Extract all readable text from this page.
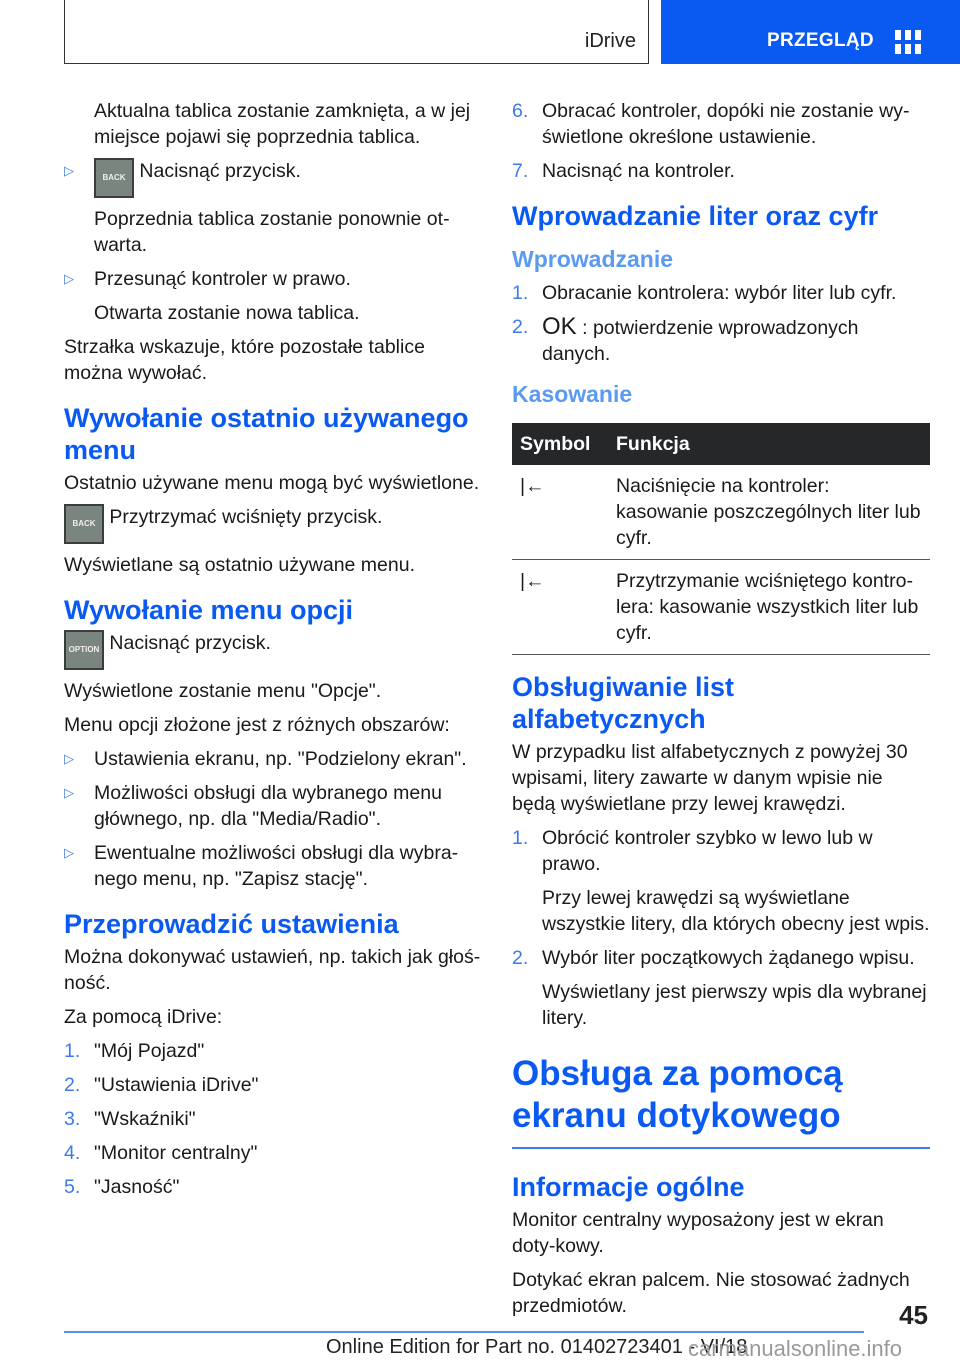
iDrive	PRZEGLĄD

Aktualna tablica zostanie zamknięta, a w jej miejsce pojawi się poprzednia tablica.

▷	BACK Nacisnąć przycisk.

Poprzednia tablica zostanie ponownie ot-warta.

▷ Przesunąć kontroler w prawo.

Otwarta zostanie nowa tablica.

Strzałka wskazuje, które pozostałe tablice można wywołać.

Wywołanie ostatnio używanego menu

Ostatnio używane menu mogą być wyświetlone.

BACK Przytrzymać wciśnięty przycisk.

Wyświetlane są ostatnio używane menu.

Wywołanie menu opcji

OPTION Nacisnąć przycisk.

Wyświetlone zostanie menu "Opcje".

Menu opcji złożone jest z różnych obszarów:

▷ Ustawienia ekranu, np. "Podzielony ekran".
▷ Możliwości obsługi dla wybranego menu głównego, np. dla "Media/Radio".
▷ Ewentualne możliwości obsługi dla wybra-nego menu, np. "Zapisz stację".
Przeprowadzić ustawienia

Można dokonywać ustawień, np. takich jak głoś-ność.

Za pomocą iDrive:

1. "Mój Pojazd"
2. "Ustawienia iDrive"
3. "Wskaźniki"
4. "Monitor centralny"
5. "Jasność"
6. Obracać kontroler, dopóki nie zostanie wy-świetlone określone ustawienie.
7. Nacisnąć na kontroler.
Wprowadzanie liter oraz cyfr
Wprowadzanie
1. Obracanie kontrolera: wybór liter lub cyfr.
2. OK : potwierdzenie wprowadzonych danych.
Kasowanie
Symbol	Funkcja
|←	Naciśnięcie na kontroler: kasowanie poszczególnych liter lub cyfr.
|←	Przytrzymanie wciśniętego kontro-lera: kasowanie wszystkich liter lub cyfr.
Obsługiwanie list alfabetycznych

W przypadku list alfabetycznych z powyżej 30 wpisami, litery zawarte w danym wpisie nie będą wyświetlane przy lewej krawędzi.

1. Obrócić kontroler szybko w lewo lub w prawo.

Przy lewej krawędzi są wyświetlane wszystkie litery, dla których obecny jest wpis.

2. Wybór liter początkowych żądanego wpisu.

Wyświetlany jest pierwszy wpis dla wybranej litery.

Obsługa za pomocą ekranu dotykowego
Informacje ogólne

Monitor centralny wyposażony jest w ekran doty-kowy.

Dotykać ekran palcem. Nie stosować żadnych przedmiotów.	45
Online Edition for Part no. 01402723401 - VI/18
carmanualsonline.info
